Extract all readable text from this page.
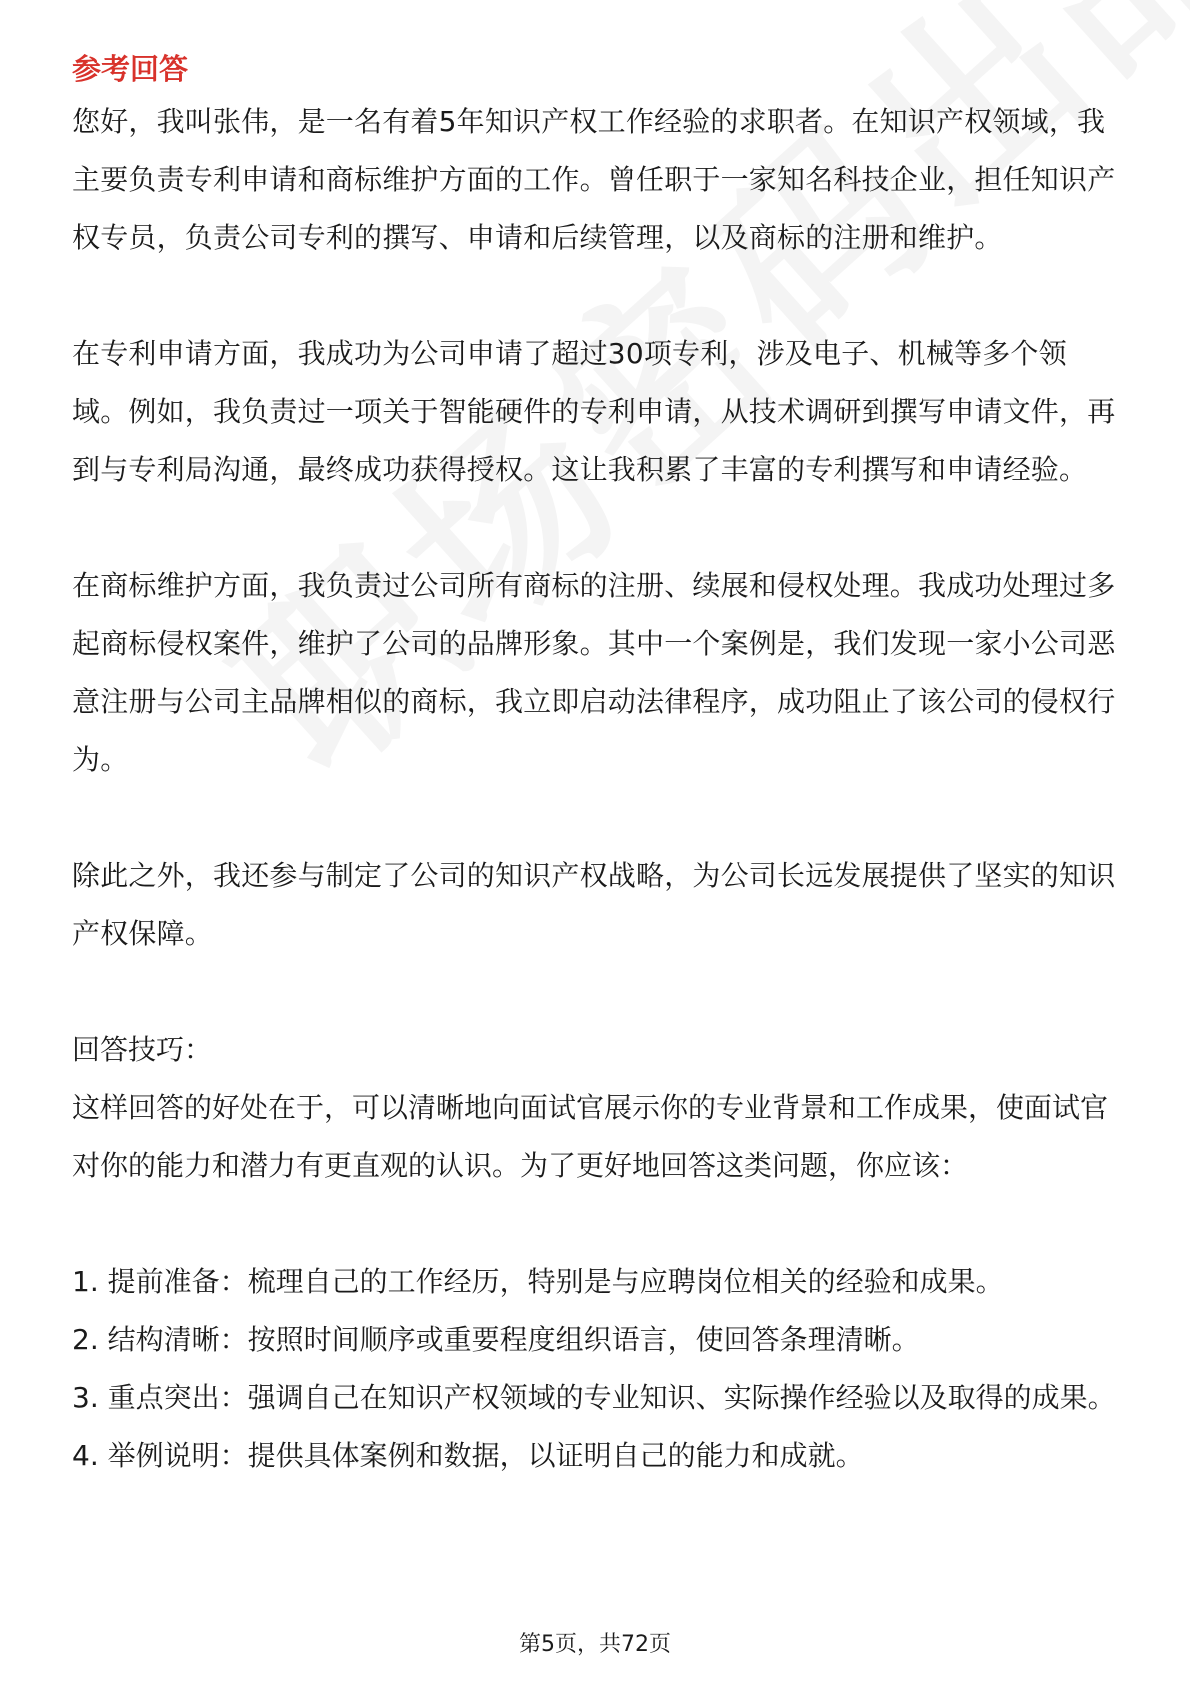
参考回答

您好，我叫张伟，是一名有着5年知识产权工作经验的求职者。在知识产权领域，我主要负责专利申请和商标维护方面的工作。曾任职于一家知名科技企业，担任知识产权专员，负责公司专利的撰写、申请和后续管理，以及商标的注册和维护。

在专利申请方面，我成功为公司申请了超过30项专利，涉及电子、机械等多个领域。例如，我负责过一项关于智能硬件的专利申请，从技术调研到撰写申请文件，再到与专利局沟通，最终成功获得授权。这让我积累了丰富的专利撰写和申请经验。

在商标维护方面，我负责过公司所有商标的注册、续展和侵权处理。我成功处理过多起商标侵权案件，维护了公司的品牌形象。其中一个案例是，我们发现一家小公司恶意注册与公司主品牌相似的商标，我立即启动法律程序，成功阻止了该公司的侵权行为。

除此之外，我还参与制定了公司的知识产权战略，为公司长远发展提供了坚实的知识产权保障。

回答技巧：

这样回答的好处在于，可以清晰地向面试官展示你的专业背景和工作成果，使面试官对你的能力和潜力有更直观的认识。为了更好地回答这类问题，你应该：

1. 提前准备：梳理自己的工作经历，特别是与应聘岗位相关的经验和成果。
2. 结构清晰：按照时间顺序或重要程度组织语言，使回答条理清晰。
3. 重点突出：强调自己在知识产权领域的专业知识、实际操作经验以及取得的成果。
4. 举例说明：提供具体案例和数据，以证明自己的能力和成就。
第5页，共72页
